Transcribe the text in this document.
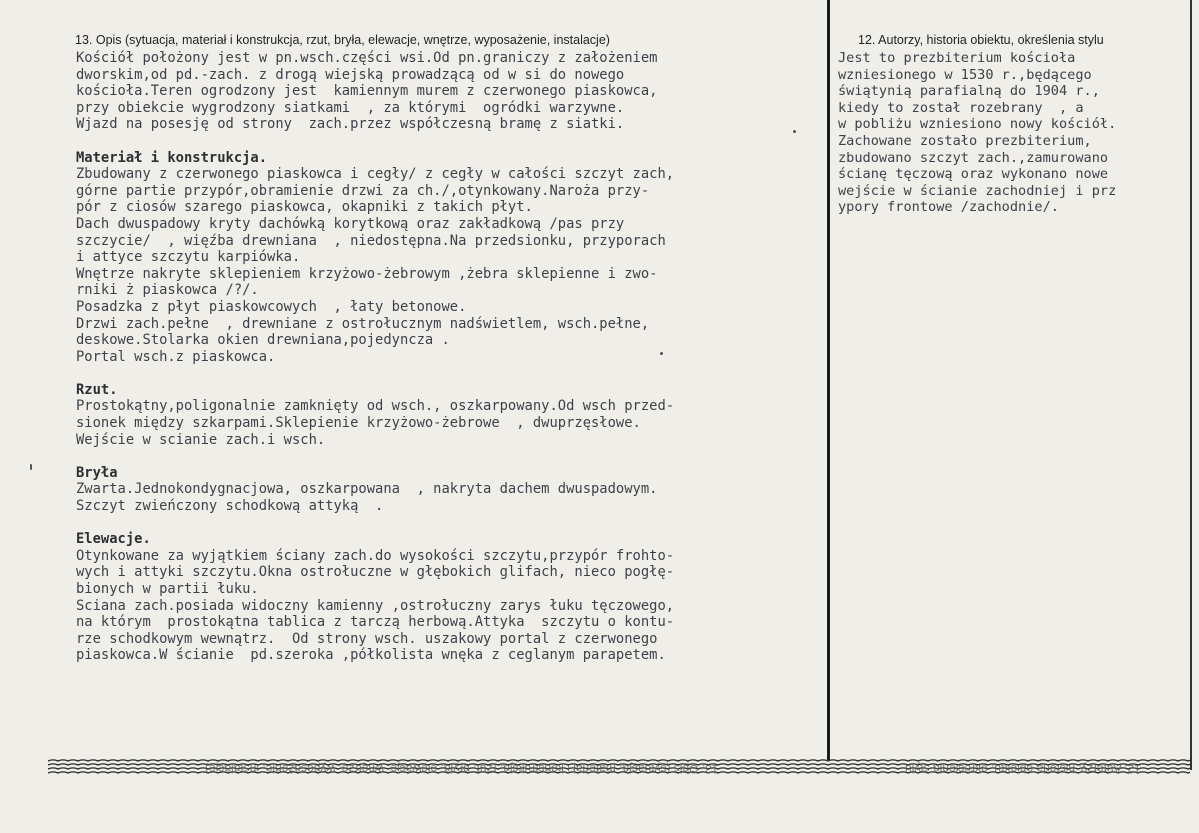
13. Opis (sytuacja, materiał i konstrukcja, rzut, bryła, elewacje, wnętrze, wyposażenie, instalacje)	12. Autorzy, historia obiektu, określenia stylu
Kościół położony jest w pn.wsch.części wsi.Od pn.graniczy z założeniem
dworskim,od pd.-zach. z drogą wiejską prowadzącą od w si do nowego
kościoła.Teren ogrodzony jest  kamiennym murem z czerwonego piaskowca,
przy obiekcie wygrodzony siatkami  , za którymi  ogródki warzywne.
Wjazd na posesję od strony  zach.przez współczesną bramę z siatki.
Materiał i konstrukcja.
Zbudowany z czerwonego piaskowca i cegły/ z cegły w całości szczyt zach,
górne partie przypór,obramienie drzwi za ch./,otynkowany.Naroża przy-
pór z ciosów szarego piaskowca, okapniki z takich płyt.
Dach dwuspadowy kryty dachówką korytkową oraz zakładkową /pas przy
szczycie/  , więźba drewniana  , niedostępna.Na przedsionku, przyporach
i attyce szczytu karpiówka.
Wnętrze nakryte sklepieniem krzyżowo-żebrowym ,żebra sklepienne i zwo-
rniki ż piaskowca /?/.
Posadzka z płyt piaskowcowych  , łaty betonowe.
Drzwi zach.pełne  , drewniane z ostrołucznym nadświetlem, wsch.pełne,
deskowe.Stolarka okien drewniana,pojedyncza .
Portal wsch.z piaskowca.
Rzut.
Prostokątny,poligonalnie zamknięty od wsch., oszkarpowany.Od wsch przed-
sionek między szkarpami.Sklepienie krzyżowo-żebrowe  , dwuprzęsłowe.
Wejście w scianie zach.i wsch.
Bryła
Zwarta.Jednokondygnacjowa, oszkarpowana  , nakryta dachem dwuspadowym.
Szczyt zwieńczony schodkową attyką  .
Elewacje.
Otynkowane za wyjątkiem ściany zach.do wysokości szczytu,przypór frohto-
wych i attyki szczytu.Okna ostrołuczne w głębokich glifach, nieco pogłę-
bionych w partii łuku.
Sciana zach.posiada widoczny kamienny ,ostrołuczny zarys łuku tęczowego,
na którym  prostokątna tablica z tarczą herbową.Attyka  szczytu o kontu-
rze schodkowym wewnątrz.  Od strony wsch. uszakowy portal z czerwonego
piaskowca.W ścianie  pd.szeroka ,półkolista wnęka z ceglanym parapetem.
Jest to prezbiterium kościoła
wzniesionego w 1530 r.,będącego
świątynią parafialną do 1904 r.,
kiedy to został rozebrany  , a
w pobliżu wzniesiono nowy kościół.
Zachowane zostało prezbiterium,
zbudowano szczyt zach.,zamurowano
ścianę tęczową oraz wykonano nowe
wejście w ścianie zachodniej i prz
ypory frontowe /zachodnie/.
13. Opis (sytuacja, materiał i konstrukcja, rzut, bryła, elewacje, wnętrze, wyposażenie, instalacje)	12. Autorzy, historia obiektu, określenia stylu
